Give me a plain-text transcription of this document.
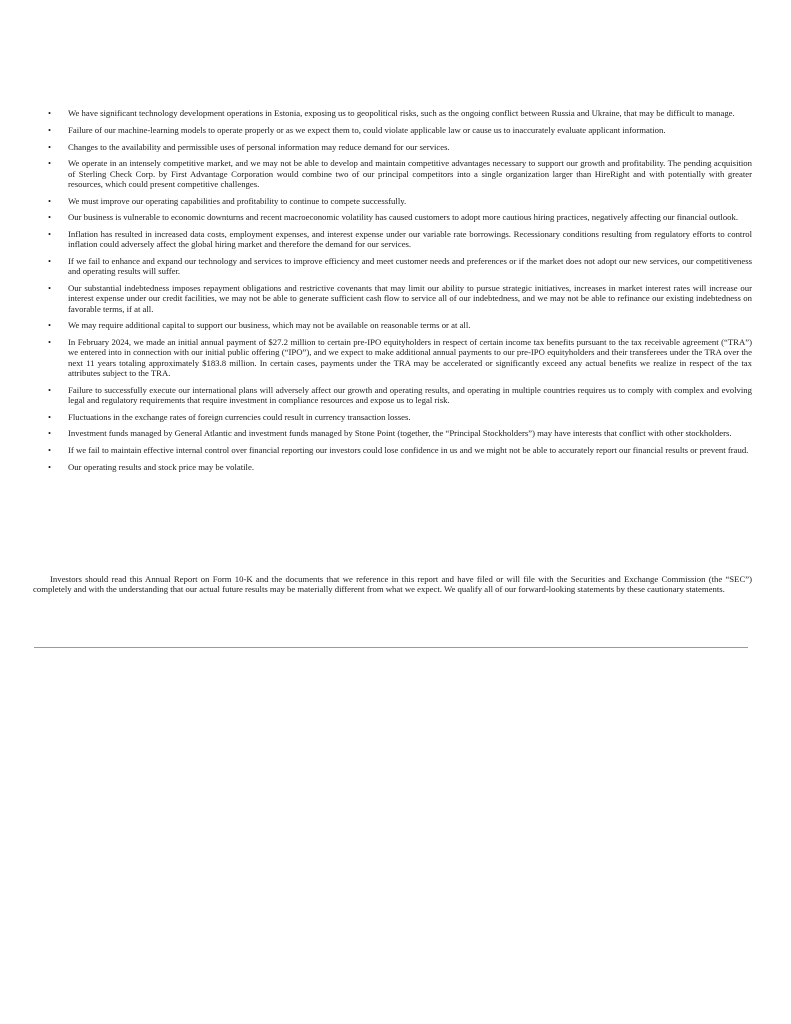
•	We have significant technology development operations in Estonia, exposing us to geopolitical risks, such as the ongoing conflict between Russia and Ukraine, that may be difficult to manage.
•	Failure of our machine-learning models to operate properly or as we expect them to, could violate applicable law or cause us to inaccurately evaluate applicant information.
•	Changes to the availability and permissible uses of personal information may reduce demand for our services.
•	We operate in an intensely competitive market, and we may not be able to develop and maintain competitive advantages necessary to support our growth and profitability. The pending acquisition of Sterling Check Corp. by First Advantage Corporation would combine two of our principal competitors into a single organization larger than HireRight and with potentially with greater resources, which could present competitive challenges.
•	We must improve our operating capabilities and profitability to continue to compete successfully.
•	Our business is vulnerable to economic downturns and recent macroeconomic volatility has caused customers to adopt more cautious hiring practices, negatively affecting our financial outlook.
•	Inflation has resulted in increased data costs, employment expenses, and interest expense under our variable rate borrowings. Recessionary conditions resulting from regulatory efforts to control inflation could adversely affect the global hiring market and therefore the demand for our services.
•	If we fail to enhance and expand our technology and services to improve efficiency and meet customer needs and preferences or if the market does not adopt our new services, our competitiveness and operating results will suffer.
•	Our substantial indebtedness imposes repayment obligations and restrictive covenants that may limit our ability to pursue strategic initiatives, increases in market interest rates will increase our interest expense under our credit facilities, we may not be able to generate sufficient cash flow to service all of our indebtedness, and we may not be able to refinance our existing indebtedness on favorable terms, if at all.
•	We may require additional capital to support our business, which may not be available on reasonable terms or at all.
•	In February 2024, we made an initial annual payment of $27.2 million to certain pre-IPO equityholders in respect of certain income tax benefits pursuant to the tax receivable agreement (“TRA”) we entered into in connection with our initial public offering (“IPO”), and we expect to make additional annual payments to our pre-IPO equityholders and their transferees under the TRA over the next 11 years totaling approximately $183.8 million. In certain cases, payments under the TRA may be accelerated or significantly exceed any actual benefits we realize in respect of the tax attributes subject to the TRA.
•	Failure to successfully execute our international plans will adversely affect our growth and operating results, and operating in multiple countries requires us to comply with complex and evolving legal and regulatory requirements that require investment in compliance resources and expose us to legal risk.
•	Fluctuations in the exchange rates of foreign currencies could result in currency transaction losses.
•	Investment funds managed by General Atlantic and investment funds managed by Stone Point (together, the “Principal Stockholders”) may have interests that conflict with other stockholders.
•	If we fail to maintain effective internal control over financial reporting our investors could lose confidence in us and we might not be able to accurately report our financial results or prevent fraud.
•	Our operating results and stock price may be volatile.

Investors should read this Annual Report on Form 10-K and the documents that we reference in this report and have filed or will file with the Securities and Exchange Commission (the “SEC”) completely and with the understanding that our actual future results may be materially different from what we expect. We qualify all of our forward-looking statements by these cautionary statements.
